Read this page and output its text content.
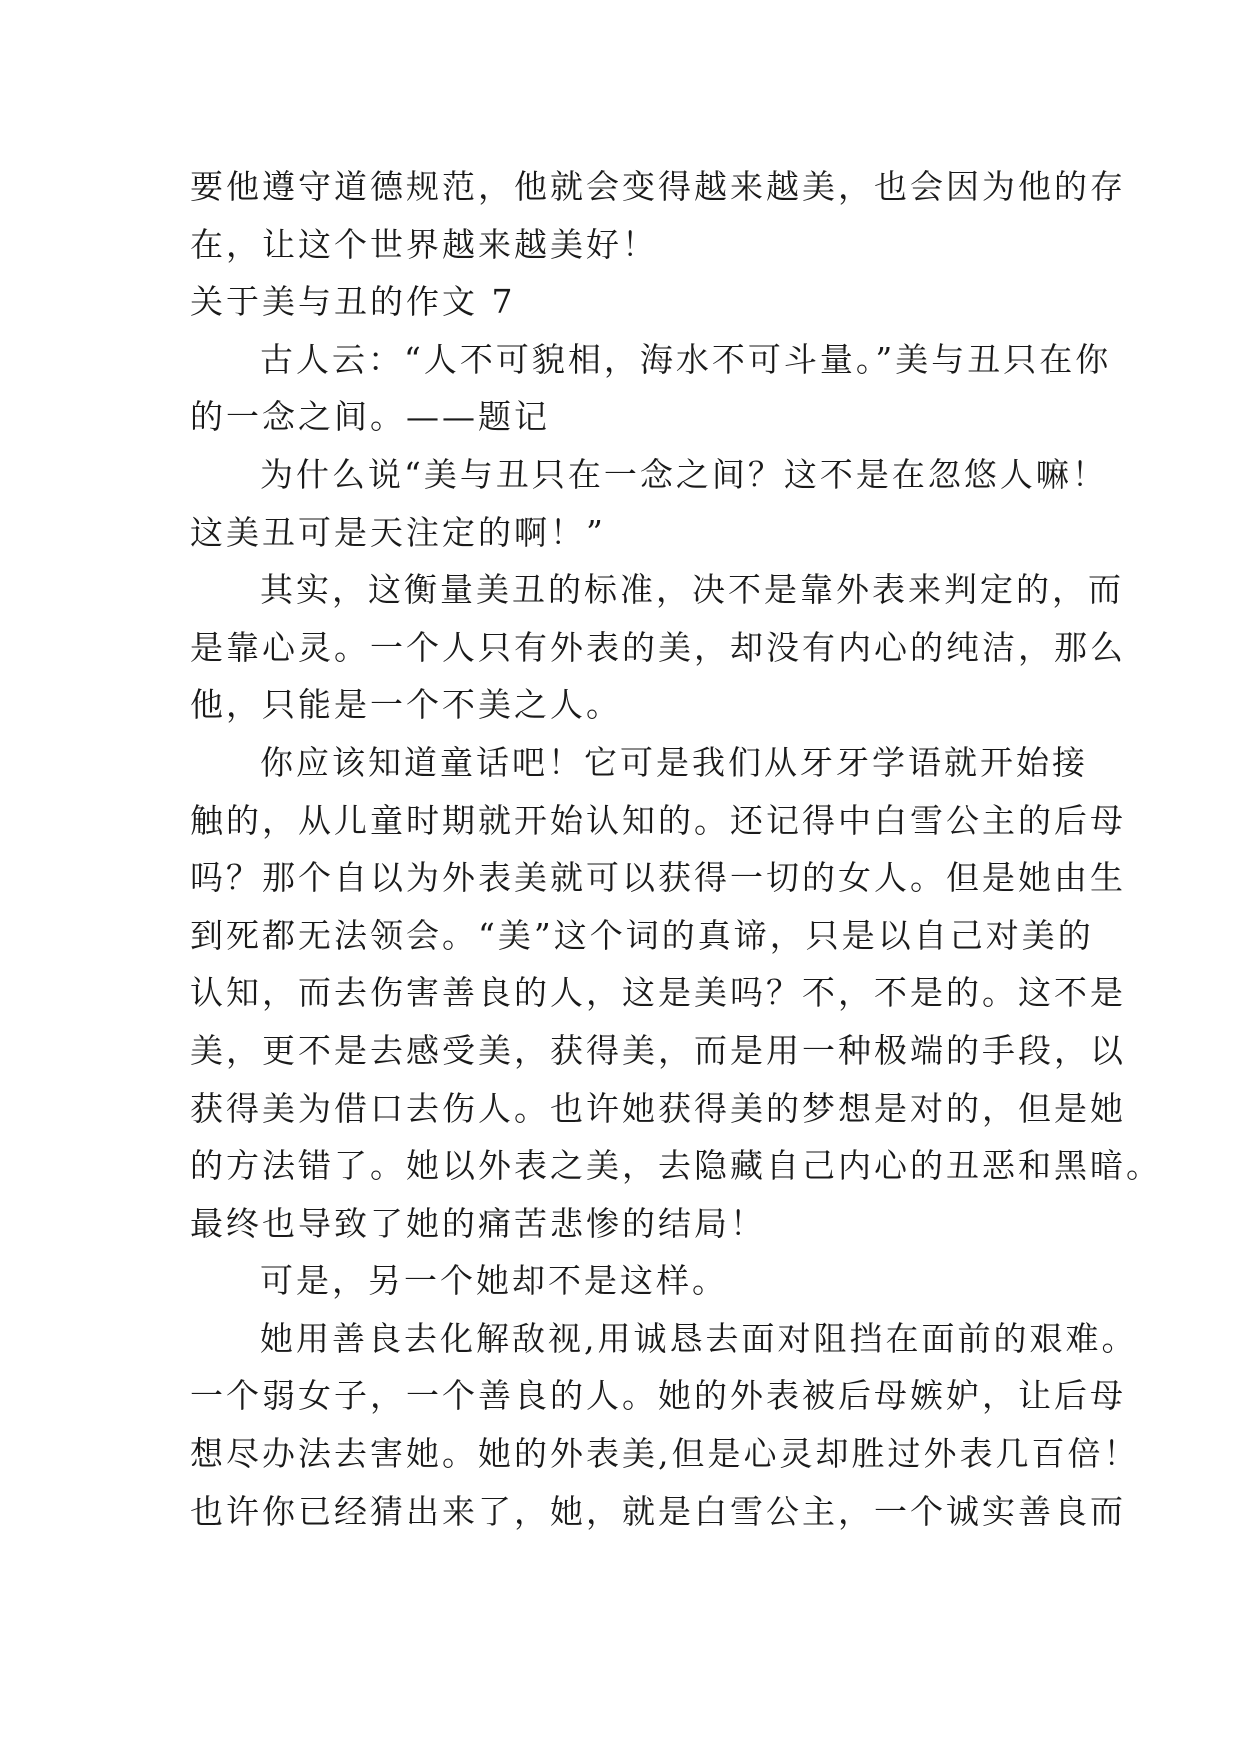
要他遵守道德规范，他就会变得越来越美，也会因为他的存
在，让这个世界越来越美好！
关于美与丑的作文 7
古人云：“人不可貌相，海水不可斗量。”美与丑只在你
的一念之间。——题记
为什么说“美与丑只在一念之间？这不是在忽悠人嘛！
这美丑可是天注定的啊！”
其实，这衡量美丑的标准，决不是靠外表来判定的，而
是靠心灵。一个人只有外表的美，却没有内心的纯洁，那么
他，只能是一个不美之人。
你应该知道童话吧！它可是我们从牙牙学语就开始接
触的，从儿童时期就开始认知的。还记得中白雪公主的后母
吗？那个自以为外表美就可以获得一切的女人。但是她由生
到死都无法领会。“美”这个词的真谛，只是以自己对美的
认知，而去伤害善良的人，这是美吗？不，不是的。这不是
美，更不是去感受美，获得美，而是用一种极端的手段，以
获得美为借口去伤人。也许她获得美的梦想是对的，但是她
的方法错了。她以外表之美，去隐藏自己内心的丑恶和黑暗。
最终也导致了她的痛苦悲惨的结局！
可是，另一个她却不是这样。
她用善良去化解敌视,用诚恳去面对阻挡在面前的艰难。
一个弱女子，一个善良的人。她的外表被后母嫉妒，让后母
想尽办法去害她。她的外表美,但是心灵却胜过外表几百倍！
也许你已经猜出来了，她，就是白雪公主，一个诚实善良而
